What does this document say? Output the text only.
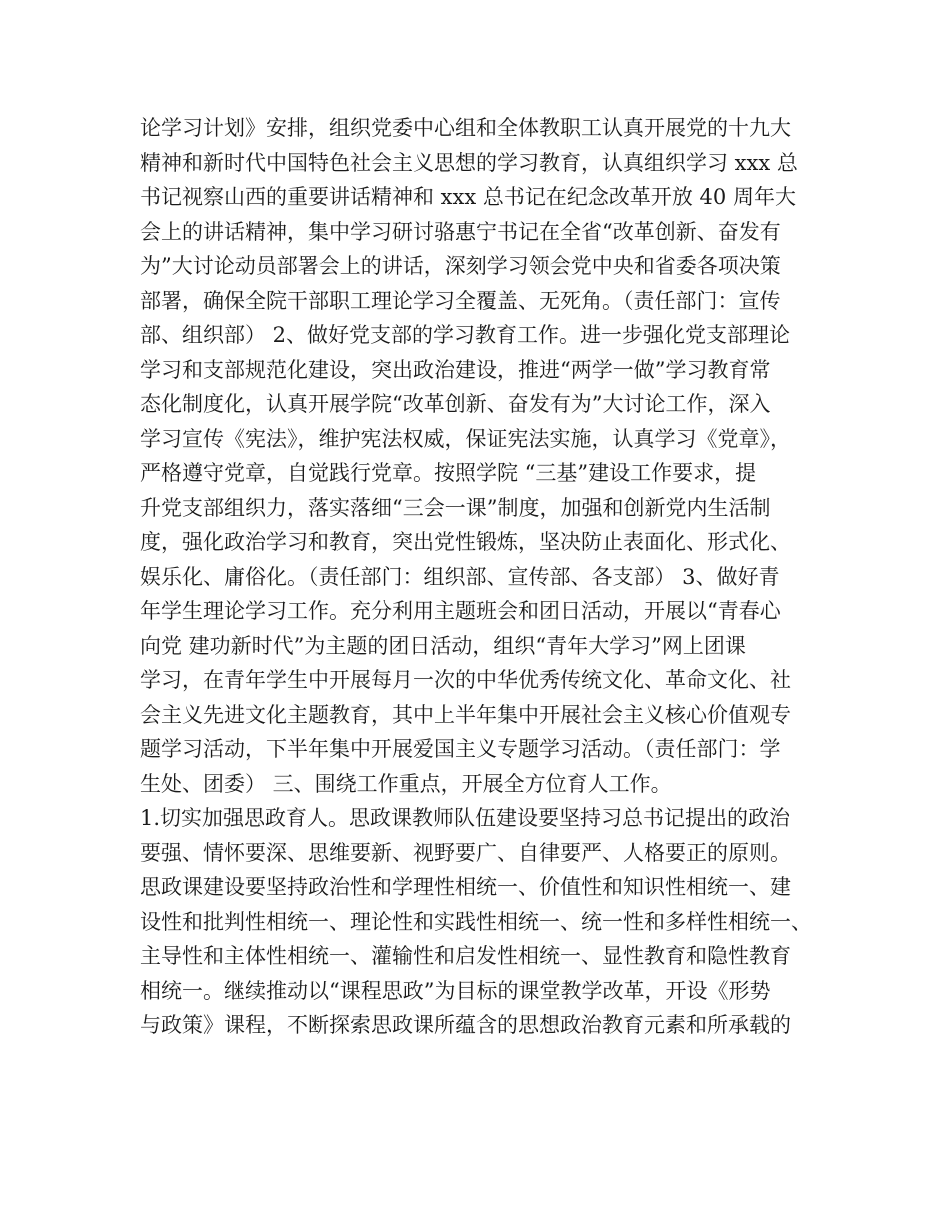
论学习计划》安排，组织党委中心组和全体教职工认真开展党的十九大
精神和新时代中国特色社会主义思想的学习教育，认真组织学习 xxx 总
书记视察山西的重要讲话精神和 xxx 总书记在纪念改革开放 40 周年大
会上的讲话精神，集中学习研讨骆惠宁书记在全省“改革创新、奋发有
为”大讨论动员部署会上的讲话，深刻学习领会党中央和省委各项决策
部署，确保全院干部职工理论学习全覆盖、无死角。（责任部门：宣传
部、组织部） 2、做好党支部的学习教育工作。进一步强化党支部理论
学习和支部规范化建设，突出政治建设，推进“两学一做”学习教育常
态化制度化，认真开展学院“改革创新、奋发有为”大讨论工作，深入
学习宣传《宪法》，维护宪法权威，保证宪法实施，认真学习《党章》，
严格遵守党章，自觉践行党章。按照学院 “三基”建设工作要求，提
升党支部组织力，落实落细“三会一课”制度，加强和创新党内生活制
度，强化政治学习和教育，突出党性锻炼，坚决防止表面化、形式化、
娱乐化、庸俗化。（责任部门：组织部、宣传部、各支部） 3、做好青
年学生理论学习工作。充分利用主题班会和团日活动，开展以“青春心
向党 建功新时代”为主题的团日活动，组织“青年大学习”网上团课
学习，在青年学生中开展每月一次的中华优秀传统文化、革命文化、社
会主义先进文化主题教育，其中上半年集中开展社会主义核心价值观专
题学习活动，下半年集中开展爱国主义专题学习活动。（责任部门：学
生处、团委） 三、围绕工作重点，开展全方位育人工作。
1.切实加强思政育人。思政课教师队伍建设要坚持习总书记提出的政治
要强、情怀要深、思维要新、视野要广、自律要严、人格要正的原则。
思政课建设要坚持政治性和学理性相统一、价值性和知识性相统一、建
设性和批判性相统一、理论性和实践性相统一、统一性和多样性相统一、
主导性和主体性相统一、灌输性和启发性相统一、显性教育和隐性教育
相统一。继续推动以“课程思政”为目标的课堂教学改革，开设《形势
与政策》课程，不断探索思政课所蕴含的思想政治教育元素和所承载的
